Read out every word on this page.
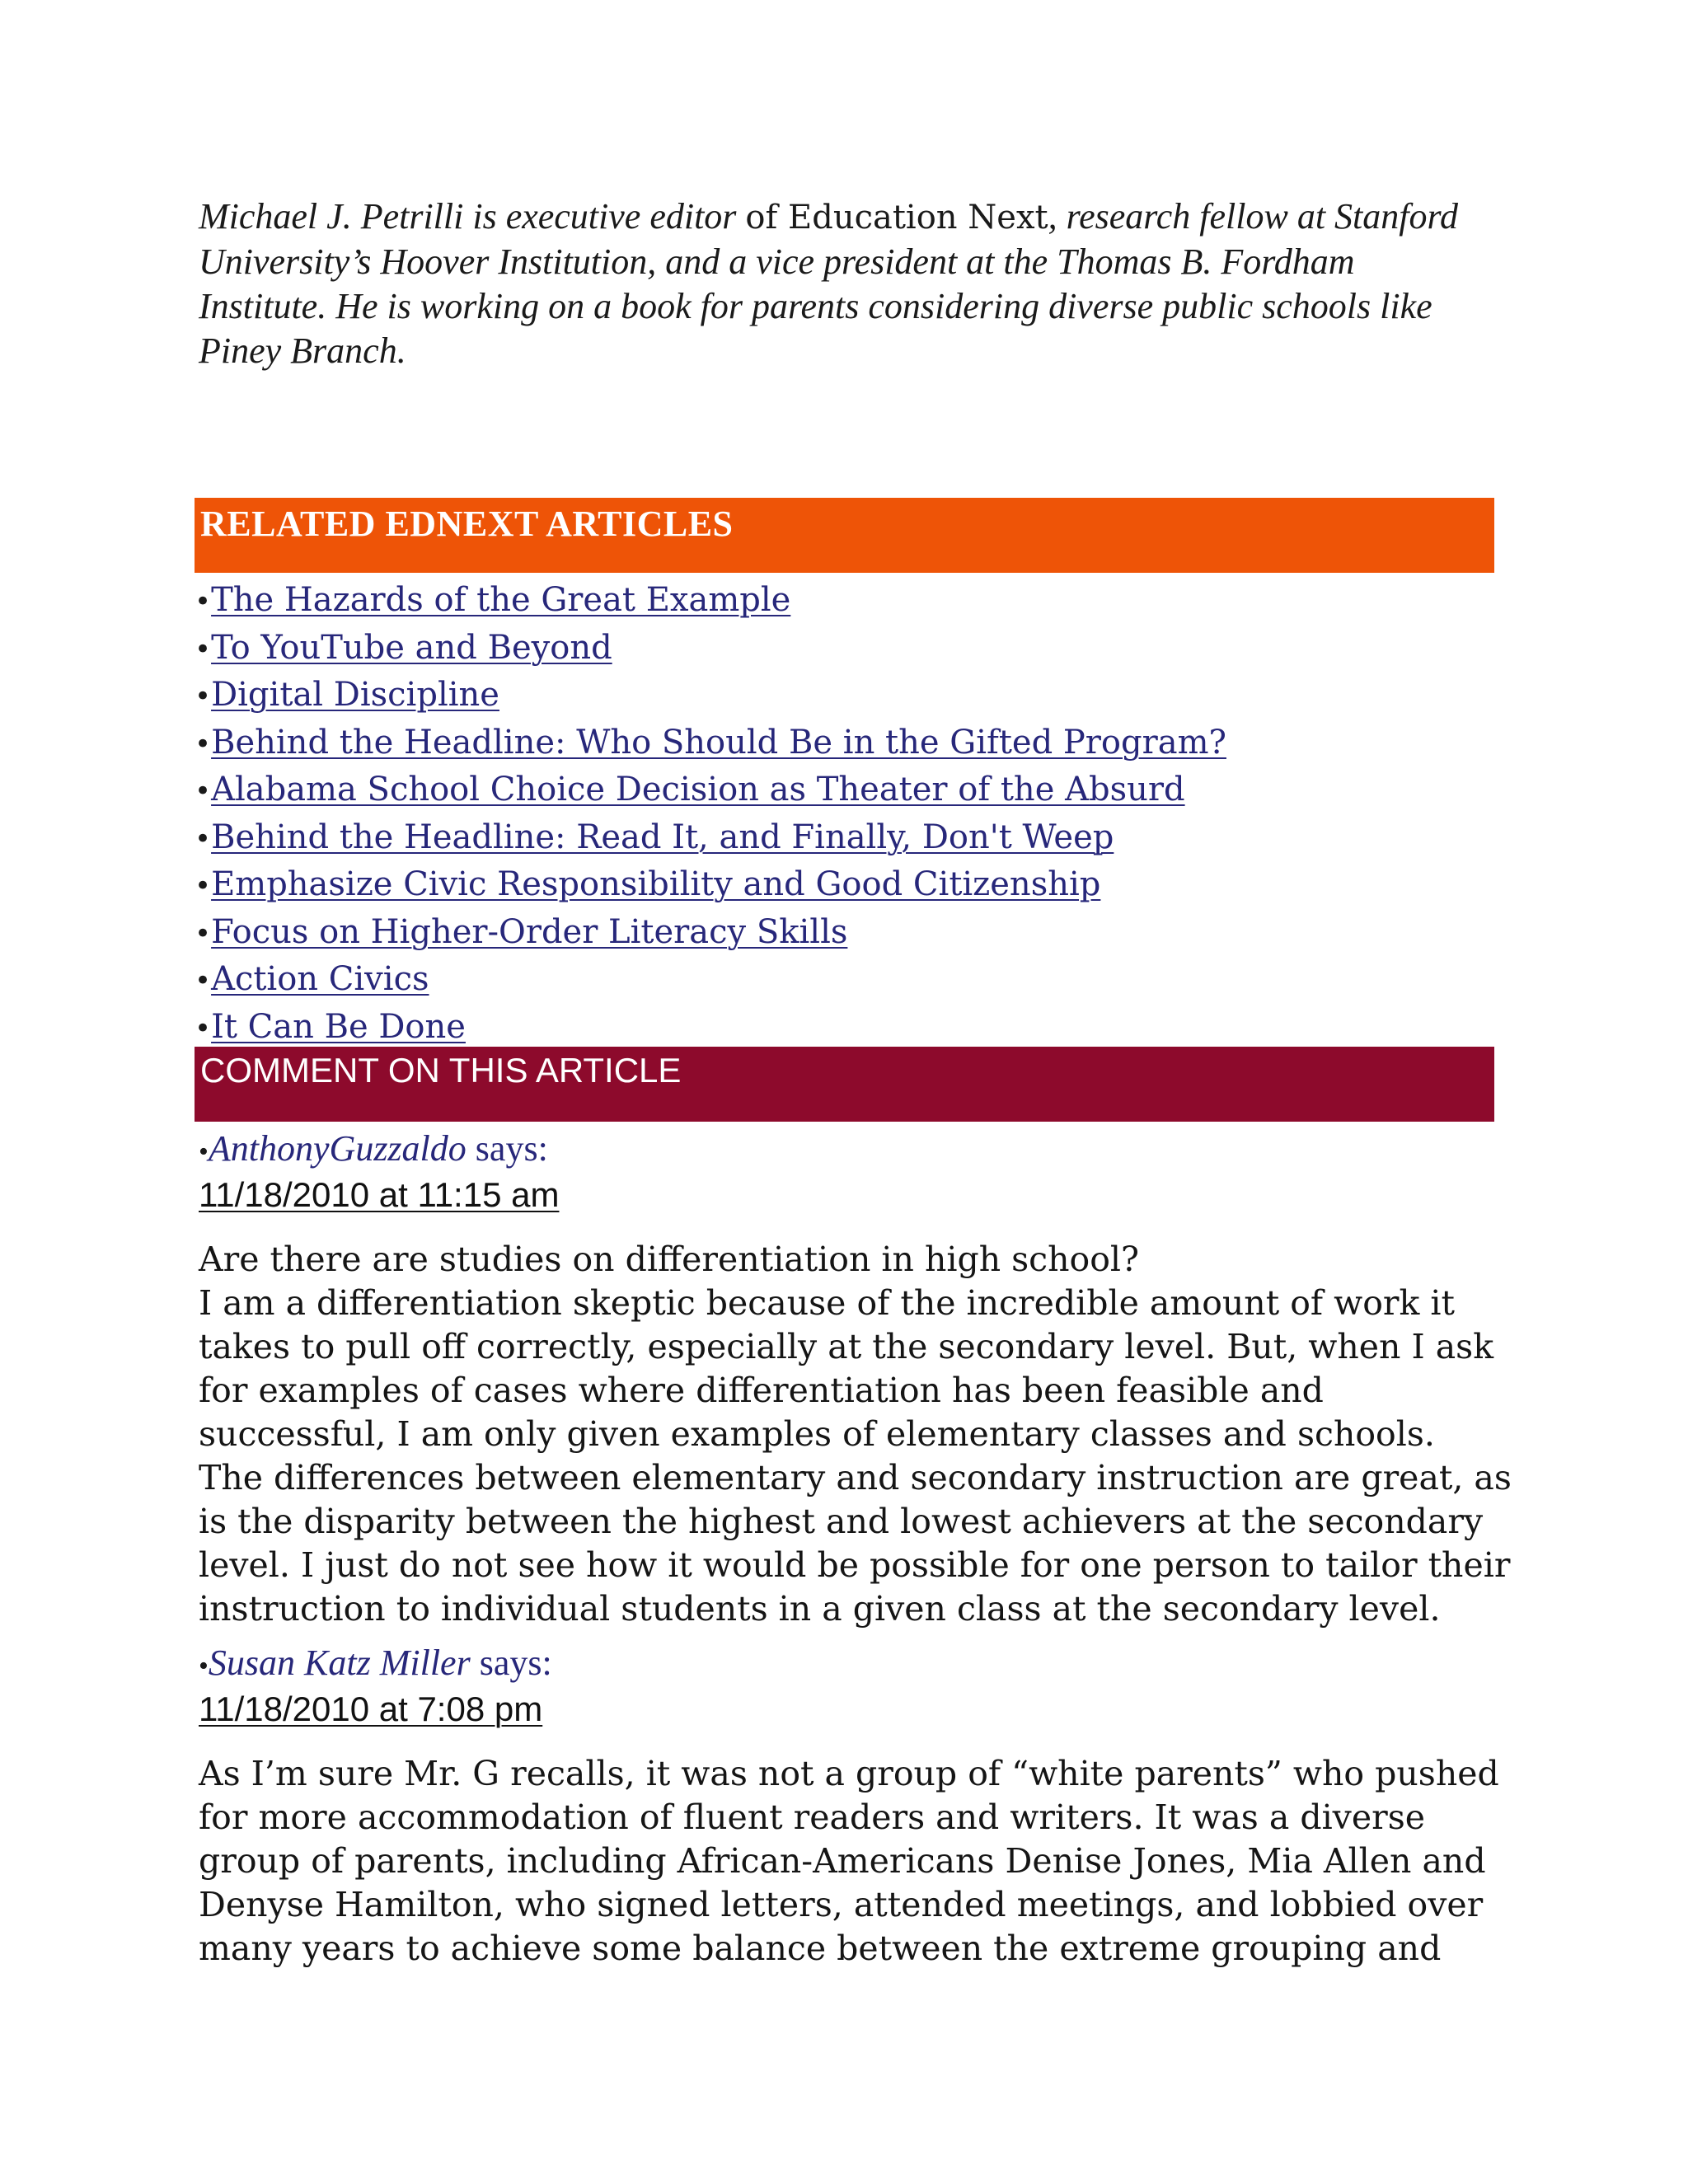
Michael J. Petrilli is executive editor of Education Next, research fellow at Stanford University’s Hoover Institution, and a vice president at the Thomas B. Fordham Institute. He is working on a book for parents considering diverse public schools like Piney Branch.
RELATED EDNEXT ARTICLES
•The Hazards of the Great Example
•To YouTube and Beyond
•Digital Discipline
•Behind the Headline: Who Should Be in the Gifted Program?
•Alabama School Choice Decision as Theater of the Absurd
•Behind the Headline: Read It, and Finally, Don't Weep
•Emphasize Civic Responsibility and Good Citizenship
•Focus on Higher-Order Literacy Skills
•Action Civics
•It Can Be Done
COMMENT ON THIS ARTICLE
•AnthonyGuzzaldo says:
11/18/2010 at 11:15 am
Are there are studies on differentiation in high school?
I am a differentiation skeptic because of the incredible amount of work it
takes to pull off correctly, especially at the secondary level. But, when I ask
for examples of cases where differentiation has been feasible and
successful, I am only given examples of elementary classes and schools.
The differences between elementary and secondary instruction are great, as
is the disparity between the highest and lowest achievers at the secondary
level. I just do not see how it would be possible for one person to tailor their
instruction to individual students in a given class at the secondary level.
•Susan Katz Miller says:
11/18/2010 at 7:08 pm
As I’m sure Mr. G recalls, it was not a group of “white parents” who pushed
for more accommodation of fluent readers and writers. It was a diverse
group of parents, including African-Americans Denise Jones, Mia Allen and
Denyse Hamilton, who signed letters, attended meetings, and lobbied over
many years to achieve some balance between the extreme grouping and
